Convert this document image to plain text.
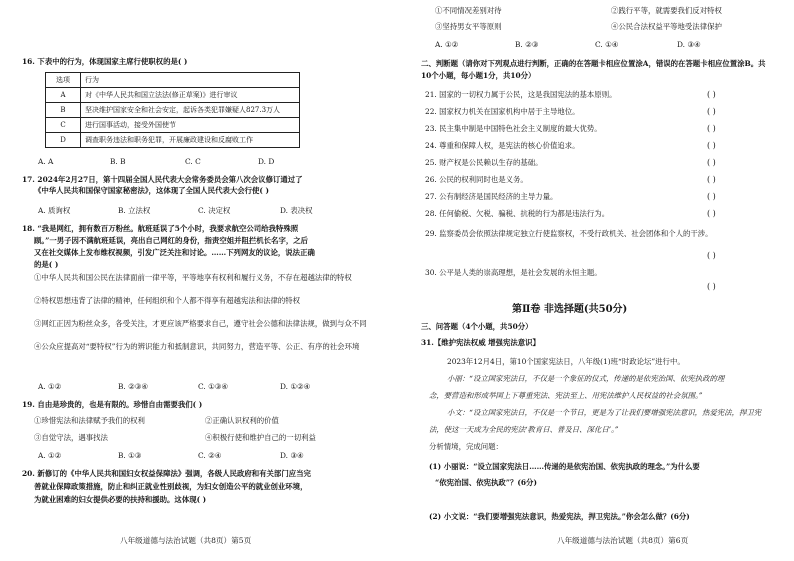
16. 下表中的行为，体现国家主席行使职权的是( )
选项	行为
A	对《中华人民共和国立法法(修正草案)》进行审议
B	坚决维护国家安全和社会安定，起诉各类犯罪嫌疑人827.3万人
C	进行国事活动，接受外国使节
D	调查职务违法和职务犯罪，开展廉政建设和反腐败工作
A. A	B. B	C. C	D. D
17. 2024年2月27日，第十四届全国人民代表大会常务委员会第八次会议修订通过了
《中华人民共和国保守国家秘密法》，这体现了全国人民代表大会行使( )
A. 质询权	B. 立法权	C. 决定权	D. 表决权
18. “我是网红，拥有数百万粉丝。航班延误了5个小时，我要求航空公司给我特殊照
顾。”一男子因不满航班延误，亮出自己网红的身份，指责空姐并阻拦机长名字，之后
又在社交媒体上发布维权视频，引发广泛关注和讨论。……下列网友的议论，说法正确
的是( )
①中华人民共和国公民在法律面前一律平等，平等地享有权利和履行义务，不存在超越法律的特权
②特权思想违背了法律的精神，任何组织和个人都不得享有超越宪法和法律的特权
③网红正因为粉丝众多，各受关注，才更应该严格要求自己，遵守社会公德和法律法规，做到与众不同
④公众应提高对“要特权”行为的辨识能力和抵制意识，共同努力，营造平等、公正、有序的社会环境
A. ①②	B. ②③④	C. ①③④	D. ①②④
19. 自由是珍贵的，也是有限的。珍惜自由需要我们( )
①珍惜宪法和法律赋予我们的权利	②正确认识权利的价值
③自觉守法，遇事找法	④积极行使和维护自己的一切利益
A. ①②	B. ①③	C. ②④	D. ③④
20. 新修订的《中华人民共和国妇女权益保障法》强调，各级人民政府和有关部门应当完
善就业保障政策措施，防止和纠正就业性别歧视，为妇女创造公平的就业创业环境，
为就业困难的妇女提供必要的扶持和援助。这体现( )
八年级道德与法治试题（共8页）第5页
①不同情况差别对待	②践行平等，就需要我们反对特权
③坚持男女平等原则	④公民合法权益平等地受法律保护
A. ①②	B. ②③	C. ①④	D. ③④
二、判断题（请你对下列观点进行判断，正确的在答题卡相应位置涂A，错误的在答题卡相应位置涂B。共10个小题，每小题1分，共10分）
21. 国家的一切权力属于公民，这是我国宪法的基本原则。	( )
22. 国家权力机关在国家机构中居于主导地位。	( )
23. 民主集中制是中国特色社会主义制度的最大优势。	( )
24. 尊重和保障人权，是宪法的核心价值追求。	( )
25. 财产权是公民赖以生存的基础。	( )
26. 公民的权利同时也是义务。	( )
27. 公有制经济是国民经济的主导力量。	( )
28. 任何偷税、欠税、骗税、抗税的行为都是违法行为。	( )
29. 监察委员会依照法律规定独立行使监察权，不受行政机关、社会团体和个人的干涉。
( )
30. 公平是人类的崇高理想，是社会发展的永恒主题。
( )
第Ⅱ卷 非选择题(共50分)
三、问答题（4个小题，共50分）
31.【维护宪法权威 增强宪法意识】
2023年12月4日，第10个国家宪法日，八年级(1)班“时政论坛”进行中。
小丽：“设立国家宪法日，不仅是一个象征的仪式，传递的是依宪治国、依宪执政的理
念，要营造和形成举国上下尊重宪法、宪法至上、用宪法维护人民权益的社会氛围。”
小文：“设立国家宪法日，不仅是一个节日，更是为了让我们要增强宪法意识，热爱宪法，捍卫宪
法，使这一天成为全民的宪法‘教育日、普及日、深化日’。”
分析情境，完成问题：
(1) 小丽说：“设立国家宪法日……传递的是依宪治国、依宪执政的理念。”为什么要
“依宪治国、依宪执政”？(6分)
(2) 小文说：“我们要增强宪法意识，热爱宪法，捍卫宪法。”你会怎么做？(6分)
八年级道德与法治试题（共8页）第6页
